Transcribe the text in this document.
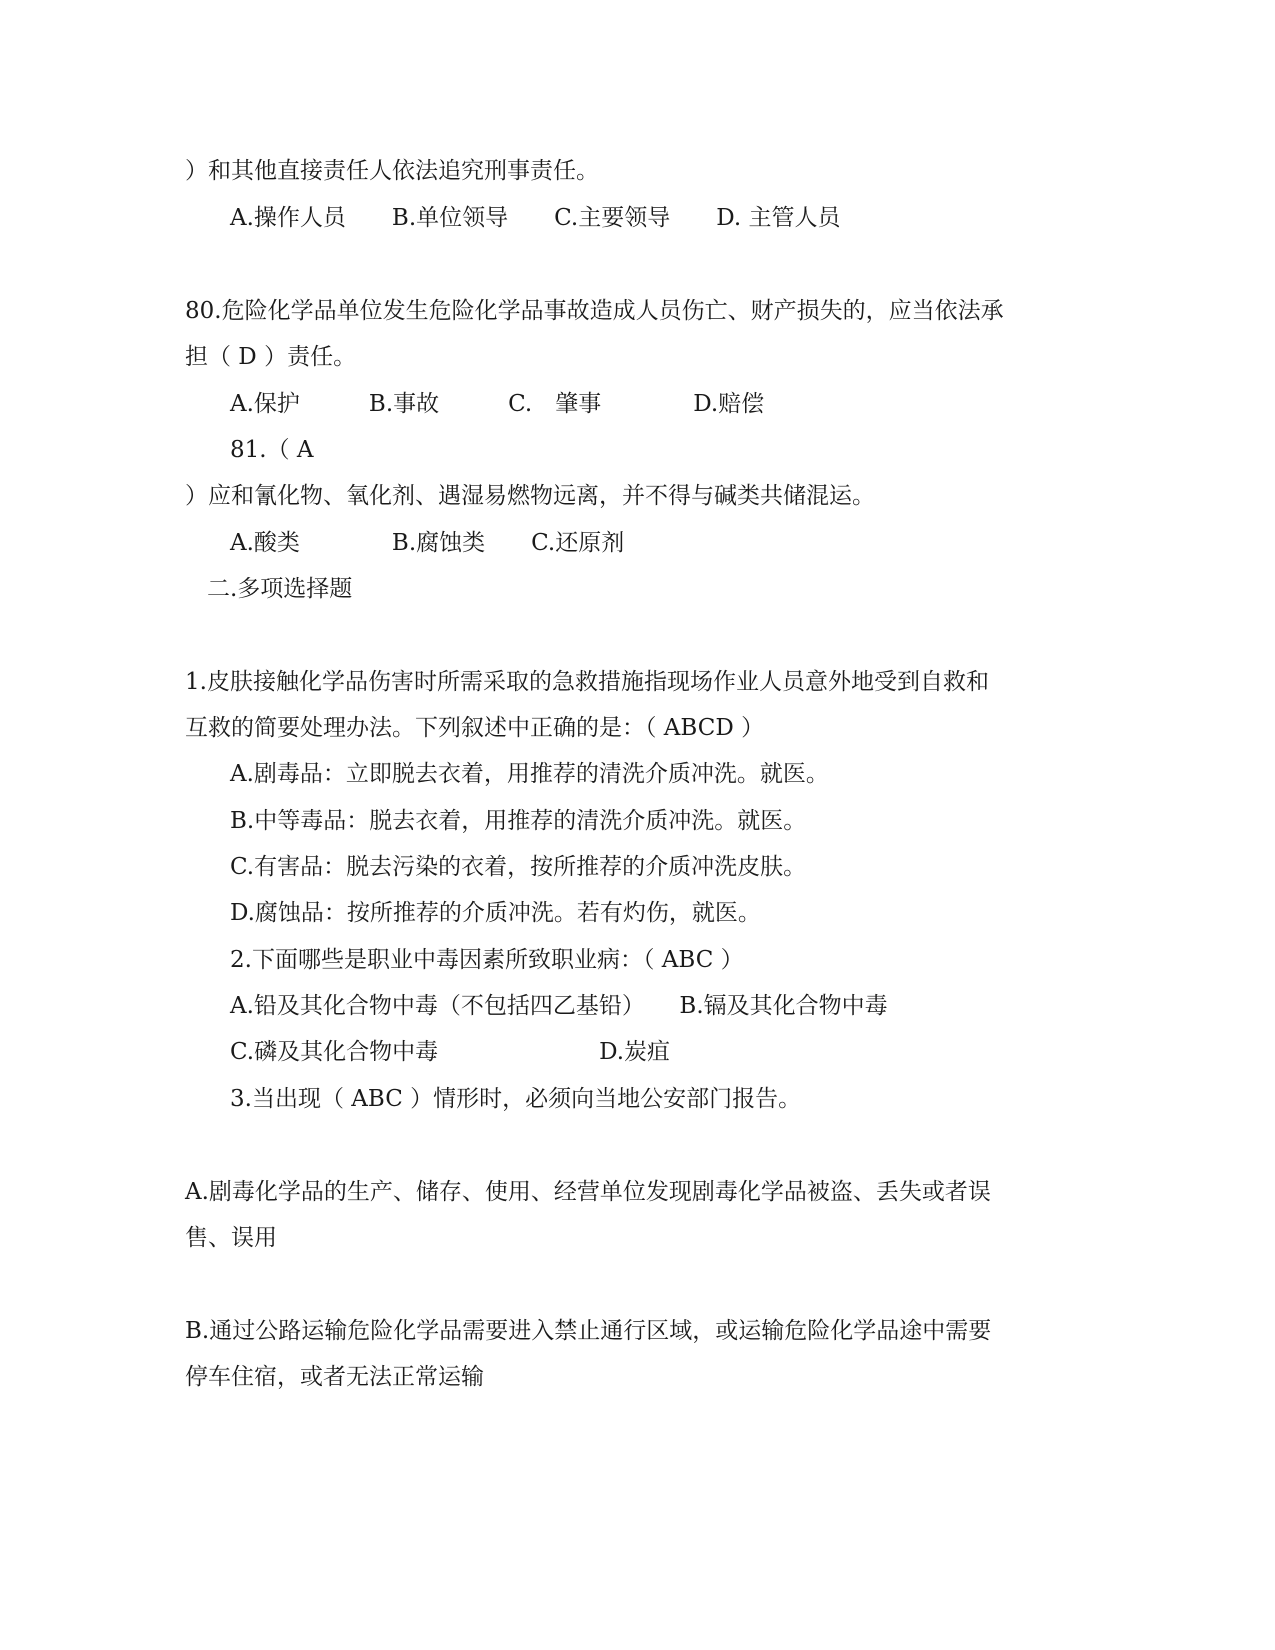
）和其他直接责任人依法追究刑事责任。
A.操作人员　　B.单位领导　　C.主要领导　　D. 主管人员
80.危险化学品单位发生危险化学品事故造成人员伤亡、财产损失的，应当依法承
担（ D ）责任。
A.保护　　　B.事故　　　C.　肇事　　　　D.赔偿
81.（ A
）应和氰化物、氧化剂、遇湿易燃物远离，并不得与碱类共储混运。
A.酸类　　　　B.腐蚀类　　C.还原剂
二.多项选择题
1.皮肤接触化学品伤害时所需采取的急救措施指现场作业人员意外地受到自救和
互救的简要处理办法。下列叙述中正确的是：（ ABCD ）
A.剧毒品：立即脱去衣着，用推荐的清洗介质冲洗。就医。
B.中等毒品：脱去衣着，用推荐的清洗介质冲洗。就医。
C.有害品：脱去污染的衣着，按所推荐的介质冲洗皮肤。
D.腐蚀品：按所推荐的介质冲洗。若有灼伤，就医。
2.下面哪些是职业中毒因素所致职业病：（ ABC ）
A.铅及其化合物中毒（不包括四乙基铅）　　B.镉及其化合物中毒
C.磷及其化合物中毒　　　　　　　D.炭疽
3.当出现（ ABC ）情形时，必须向当地公安部门报告。
A.剧毒化学品的生产、储存、使用、经营单位发现剧毒化学品被盗、丢失或者误
售、误用
B.通过公路运输危险化学品需要进入禁止通行区域，或运输危险化学品途中需要
停车住宿，或者无法正常运输
